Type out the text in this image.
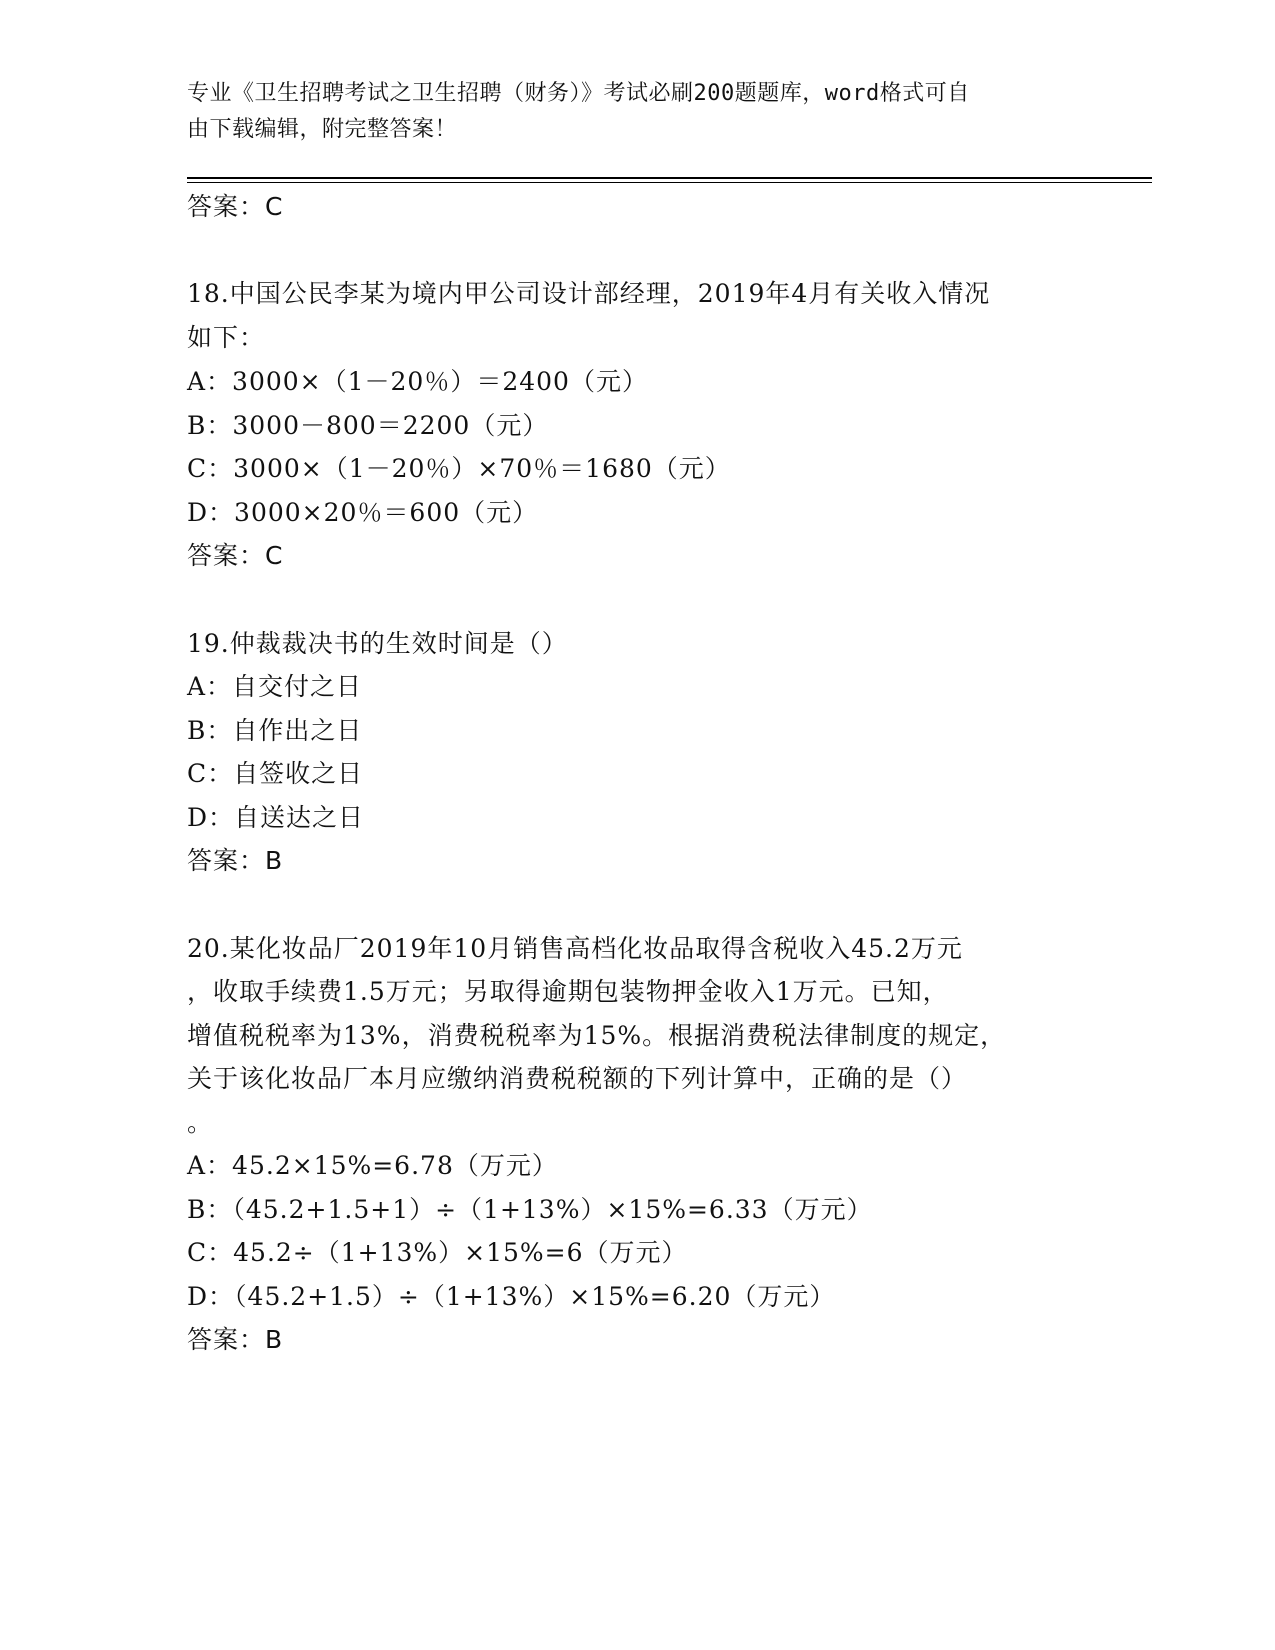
专业《卫生招聘考试之卫生招聘（财务）》考试必刷200题题库，word格式可自
由下载编辑，附完整答案！
答案：C
18.中国公民李某为境内甲公司设计部经理，2019年4月有关收入情况
如下：
A：3000×（1－20％）＝2400（元）
B：3000－800＝2200（元）
C：3000×（1－20％）×70％＝1680（元）
D：3000×20％＝600（元）
答案：C
19.仲裁裁决书的生效时间是（）
A：自交付之日
B：自作出之日
C：自签收之日
D：自送达之日
答案：B
20.某化妆品厂2019年10月销售高档化妆品取得含税收入45.2万元
，收取手续费1.5万元；另取得逾期包装物押金收入1万元。已知，
增值税税率为13%，消费税税率为15%。根据消费税法律制度的规定，
关于该化妆品厂本月应缴纳消费税税额的下列计算中，正确的是（）
。
A：45.2×15%=6.78（万元）
B：（45.2+1.5+1）÷（1+13%）×15%=6.33（万元）
C：45.2÷（1+13%）×15%=6（万元）
D：（45.2+1.5）÷（1+13%）×15%=6.20（万元）
答案：B
